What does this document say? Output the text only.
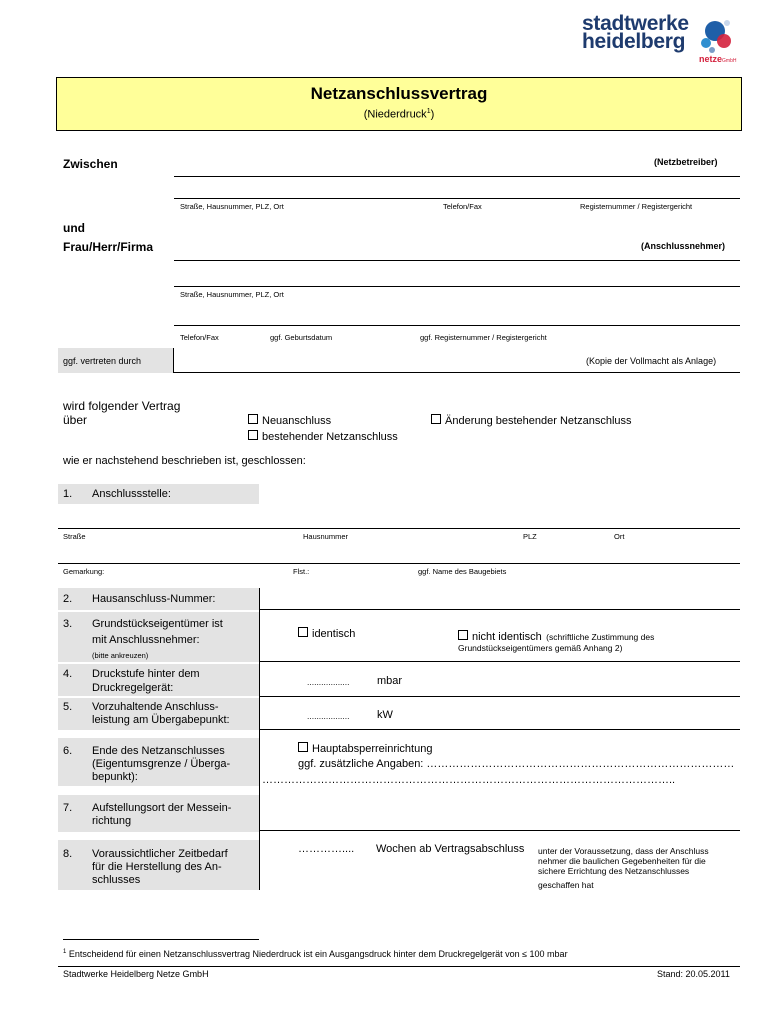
stadtwerke
heidelberg
netzeGmbH
Netzanschlussvertrag
(Niederdruck$^1$)
Zwischen	(Netzbetreiber)
Straße, Hausnummer, PLZ, Ort	Telefon/Fax	Registernummer / Registergericht
und
Frau/Herr/Firma	(Anschlussnehmer)
Straße, Hausnummer, PLZ, Ort
Telefon/Fax	ggf. Geburtsdatum	ggf. Registernummer / Registergericht
ggf. vertreten durch	(Kopie der Vollmacht als Anlage)
wird folgender Vertrag
über	Neuanschluss	Änderung bestehender Netzanschluss
bestehender Netzanschluss
wie er nachstehend beschrieben ist, geschlossen:
1. Anschlussstelle:
Straße	Hausnummer	PLZ	Ort
Gemarkung:	Flst.:	ggf. Name des Baugebiets
2. Hausanschluss-Nummer:
3. Grundstückseigentümer ist
mit Anschlussnehmer:
(bitte ankreuzen)
identisch	nicht identisch (schriftliche Zustimmung des
Grundstückseigentümers gemäß Anhang 2)
4. Druckstufe hinter dem
Druckregelgerät:	.................. mbar
5. Vorzuhaltende Anschluss-
leistung am Übergabepunkt:	.................. kW
6. Ende des Netzanschlusses
(Eigentumsgrenze / Überga-
bepunkt):
Hauptabsperreinrichtung
ggf. zusätzliche Angaben: …………………………………………………………………………
…………………………………………………………………………………………………..
7. Aufstellungsort der Messein-
richtung
8. Voraussichtlicher Zeitbedarf
für die Herstellung des An-
schlusses
………….... Wochen ab Vertragsabschluss unter der Voraussetzung, dass der Anschluss
nehmer die baulichen Gegebenheiten für die
sichere Errichtung des Netzanschlusses
geschaffen hat
$^1$ Entscheidend für einen Netzanschlussvertrag Niederdruck ist ein Ausgangsdruck hinter dem Druckregelgerät von ≤ 100 mbar
Stadtwerke Heidelberg Netze GmbH	Stand: 20.05.2011
